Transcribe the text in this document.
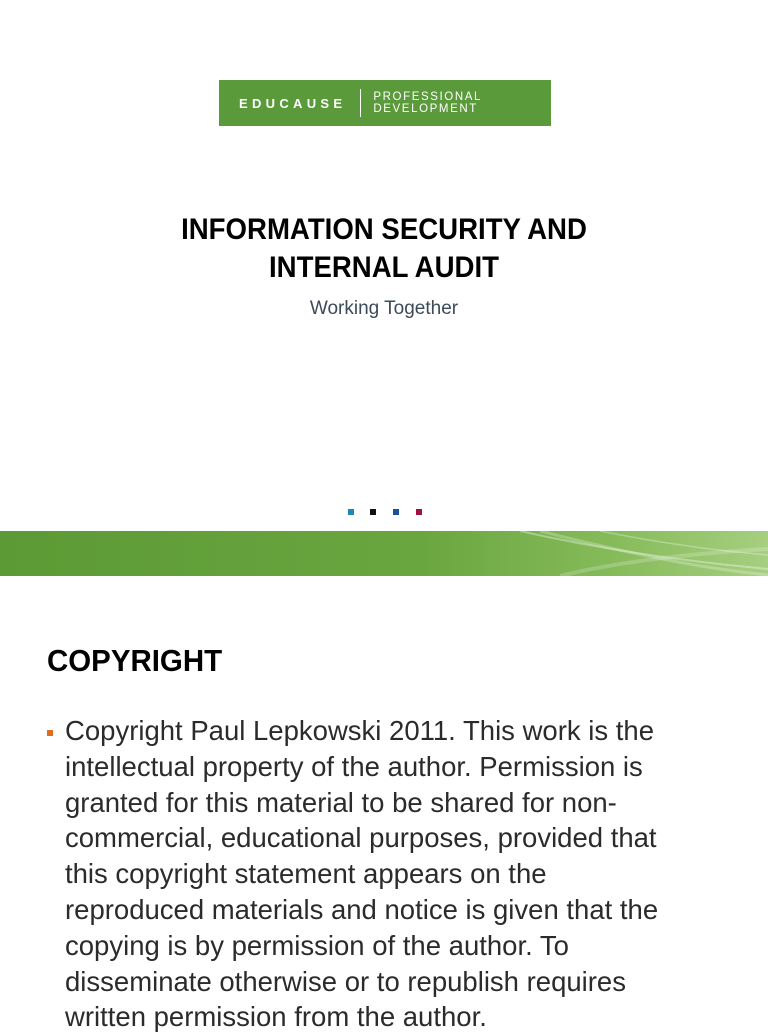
EDUCAUSE PROFESSIONAL
DEVELOPMENT
INFORMATION SECURITY AND
INTERNAL AUDIT
Working Together
COPYRIGHT
Copyright Paul Lepkowski 2011. This work is the
intellectual property of the author. Permission is
granted for this material to be shared for non-
commercial, educational purposes, provided that
this copyright statement appears on the
reproduced materials and notice is given that the
copying is by permission of the author. To
disseminate otherwise or to republish requires
written permission from the author.
